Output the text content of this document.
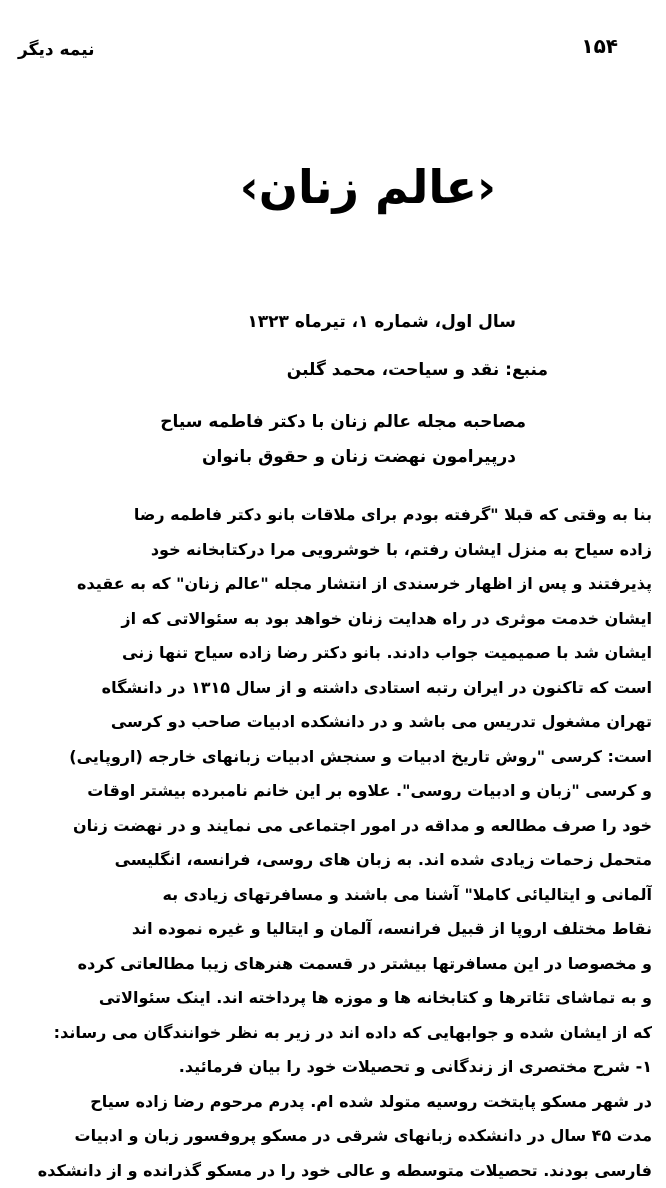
نیمه دیگر	۱۵۴
‹عالم زنان›
سال اول، شماره ۱، تیرماه ۱۳۲۳
منبع: نقد و سیاحت، محمد گلبن
مصاحبه مجله عالم زنان با دکتر فاطمه سیاح
درپیرامون نهضت زنان و حقوق بانوان
بنا به وقتی که قبلا "گرفته بودم برای ملاقات بانو دکتر فاطمه رضا
زاده سیاح به منزل ایشان رفتم، با خوشرویی مرا درکتابخانه خود
پذیرفتند و پس از اظهار خرسندی از انتشار مجله "عالم زنان" که به عقیده
ایشان خدمت موثری در راه هدایت زنان خواهد بود به سئوالاتی که از
ایشان شد با صمیمیت جواب دادند. بانو دکتر رضا زاده سیاح تنها زنی
است که تاکنون در ایران رتبه استادی داشته و از سال ۱۳۱۵ در دانشگاه
تهران مشغول تدریس می باشد و در دانشکده ادبیات صاحب دو کرسی
است: کرسی "روش تاریخ ادبیات و سنجش ادبیات زبانهای خارجه (اروپایی)
و کرسی "زبان و ادبیات روسی". علاوه بر این خانم نامبرده بیشتر اوقات
خود را صرف مطالعه و مداقه در امور اجتماعی می نمایند و در نهضت زنان
متحمل زحمات زیادی شده اند. به زبان های روسی، فرانسه، انگلیسی
آلمانی و ایتالیائی کاملا" آشنا می باشند و مسافرتهای زیادی به
نقاط مختلف اروپا از قبیل فرانسه، آلمان و ایتالیا و غیره نموده اند
و مخصوصا در این مسافرتها بیشتر در قسمت هنرهای زیبا مطالعاتی کرده
و به تماشای تئاترها و کتابخانه ها و موزه ها پرداخته اند. اینک سئوالاتی
که از ایشان شده و جوابهایی که داده اند در زیر به نظر خوانندگان می رساند:
۱- شرح مختصری از زندگانی و تحصیلات خود را بیان فرمائید.
در شهر مسکو پایتخت روسیه متولد شده ام. پدرم مرحوم رضا زاده سیاح
مدت ۴۵ سال در دانشکده زبانهای شرقی در مسکو پروفسور زبان و ادبیات
فارسی بودند. تحصیلات متوسطه و عالی خود را در مسکو گذرانده و از دانشکده
